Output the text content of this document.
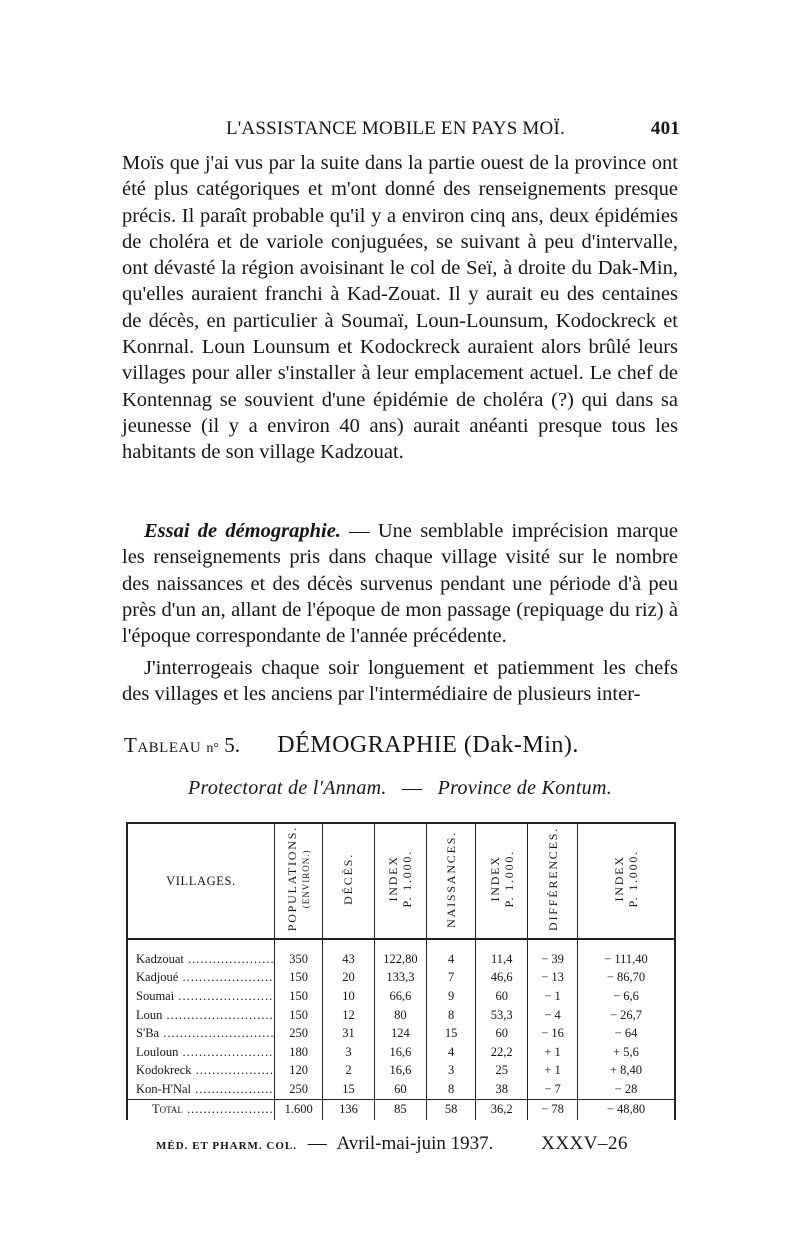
L'ASSISTANCE MOBILE EN PAYS MOÏ.	401

Moïs que j'ai vus par la suite dans la partie ouest de la province ont été plus catégoriques et m'ont donné des renseignements presque précis. Il paraît probable qu'il y a environ cinq ans, deux épidémies de choléra et de variole conjuguées, se suivant à peu d'intervalle, ont dévasté la région avoisinant le col de Seï, à droite du Dak-Min, qu'elles auraient franchi à Kad-Zouat. Il y aurait eu des centaines de décès, en particulier à Soumaï, Loun-Lounsum, Kodockreck et Konrnal. Loun Lounsum et Kodockreck auraient alors brûlé leurs villages pour aller s'installer à leur emplacement actuel. Le chef de Kontennag se souvient d'une épidémie de choléra (?) qui dans sa jeunesse (il y a environ 40 ans) aurait anéanti presque tous les habitants de son village Kadzouat.

Essai de démographie. — Une semblable imprécision marque les renseignements pris dans chaque village visité sur le nombre des naissances et des décès survenus pendant une période d'à peu près d'un an, allant de l'époque de mon passage (repiquage du riz) à l'époque correspondante de l'année précédente.

J'interrogeais chaque soir longuement et patiemment les chefs des villages et les anciens par l'intermédiaire de plusieurs inter-

Tableau n° 5. DÉMOGRAPHIE (Dak-Min).
Protectorat de l'Annam. — Province de Kontum.
VILLAGES.	POPULATIONS. (ENVIRON.)	DÉCÈS.	INDEX P. 1.000.	NAISSANCES.	INDEX P. 1.000.	DIFFÉRENCES.	INDEX P. 1.000.

Kadzouat .....	350	43	122,80	4	11,4	− 39	− 111,40
Kadjoué .....	150	20	133,3	7	46,6	− 13	− 86,70
Soumai .....	150	10	66,6	9	60	− 1	− 6,6
Loun .....	150	12	80	8	53,3	− 4	− 26,7
S'Ba .....	250	31	124	15	60	− 16	− 64
Louloun .....	180	3	16,6	4	22,2	+ 1	+ 5,6
Kodokreck .....	120	2	16,6	3	25	+ 1	+ 8,40
Kon-H'Nal .....	250	15	60	8	38	− 7	− 28
Total .....	1.600	136	85	58	36,2	− 78	− 48,80
MÉD. ET PHARM. COL. — Avril-mai-juin 1937.	XXXV–26
